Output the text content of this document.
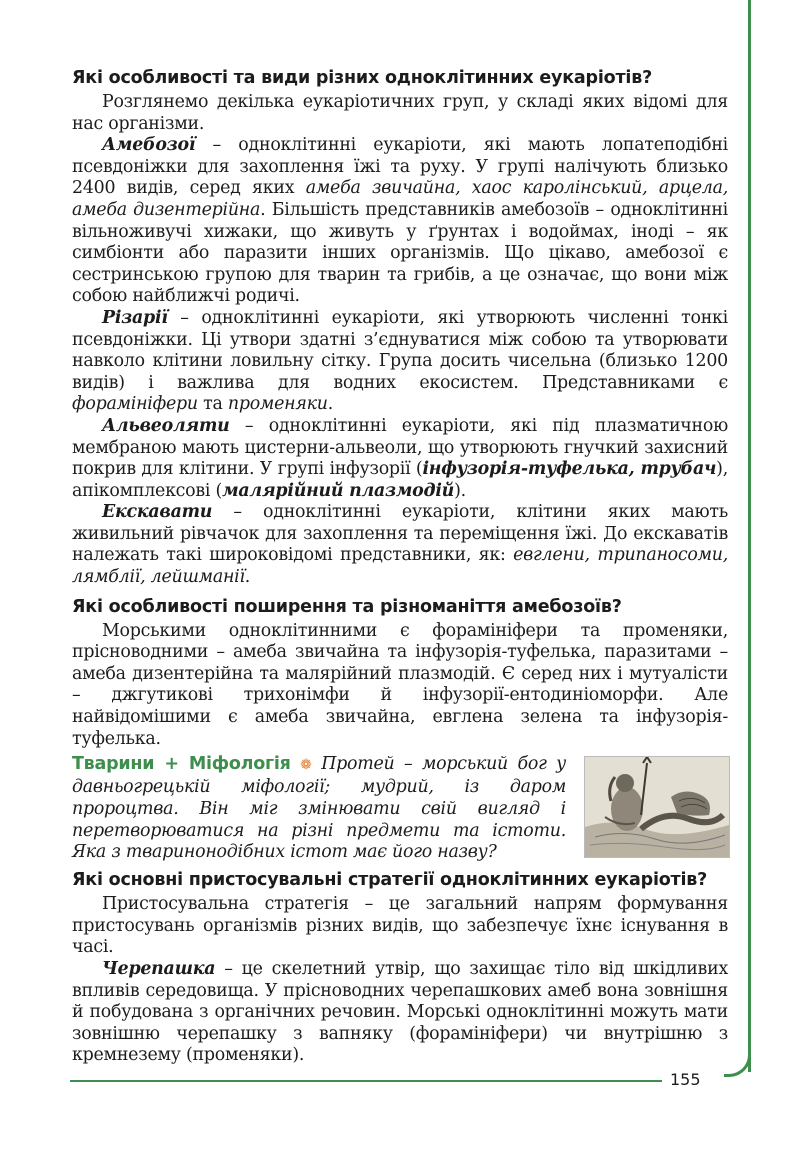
155
Які особливості та види різних одноклітинних еукаріотів?

Розглянемо декілька еукаріотичних груп, у складі яких відомі для нас організми.

Амебозої – одноклітинні еукаріоти, які мають лопатеподібні псевдоніжки для захоплення їжі та руху. У групі налічують близько 2400 видів, серед яких амеба звичайна, хаос каролінський, арцела, амеба дизентерійна. Більшість представників амебозоїв – одноклітинні вільноживучі хижаки, що живуть у ґрунтах і водоймах, іноді – як симбіонти або паразити інших організмів. Що цікаво, амебозої є сестринською групою для тварин та грибів, а це означає, що вони між собою найближчі родичі.

Різарії – одноклітинні еукаріоти, які утворюють численні тонкі псевдоніжки. Ці утвори здатні з’єднуватися між собою та утворювати навколо клітини ловильну сітку. Група досить чисельна (близько 1200 видів) і важлива для водних екосистем. Представниками є форамініфери та променяки.

Альвеоляти – одноклітинні еукаріоти, які під плазматичною мембраною мають цистерни-альвеоли, що утворюють гнучкий захисний покрив для клітини. У групі інфузорії (інфузорія-туфелька, трубач), апікомплексові (малярійний плазмодій).

Екскавати – одноклітинні еукаріоти, клітини яких мають живильний рівчачок для захоплення та переміщення їжі. До екскаватів належать такі широковідомі представники, як: евглени, трипаносоми, лямблії, лейшманії.

Які особливості поширення та різноманіття амебозоїв?

Морськими одноклітинними є форамініфери та променяки, прісноводними – амеба звичайна та інфузорія-туфелька, паразитами – амеба дизентерійна та малярійний плазмодій. Є серед них і мутуалісти – джгутикові трихонімфи й інфузорії-ентодиніоморфи. Але найвідомішими є амеба звичайна, евглена зелена та інфузорія-туфелька.

Тварини + Міфологія ❁ Протей – морський бог у давньогрецькій міфології; мудрий, із даром пророцтва. Він міг змінювати свій вигляд і перетворюватися на різні предмети та істоти. Яка з тваринонодібних істот має його назву?
Які основні пристосувальні стратегії одноклітинних еукаріотів?

Пристосувальна стратегія – це загальний напрям формування пристосувань організмів різних видів, що забезпечує їхнє існування в часі.

Черепашка – це скелетний утвір, що захищає тіло від шкідливих впливів середовища. У прісноводних черепашкових амеб вона зовнішня й побудована з органічних речовин. Морські одноклітинні можуть мати зовнішню черепашку з вапняку (форамініфери) чи внутрішню з кремнезему (променяки).
